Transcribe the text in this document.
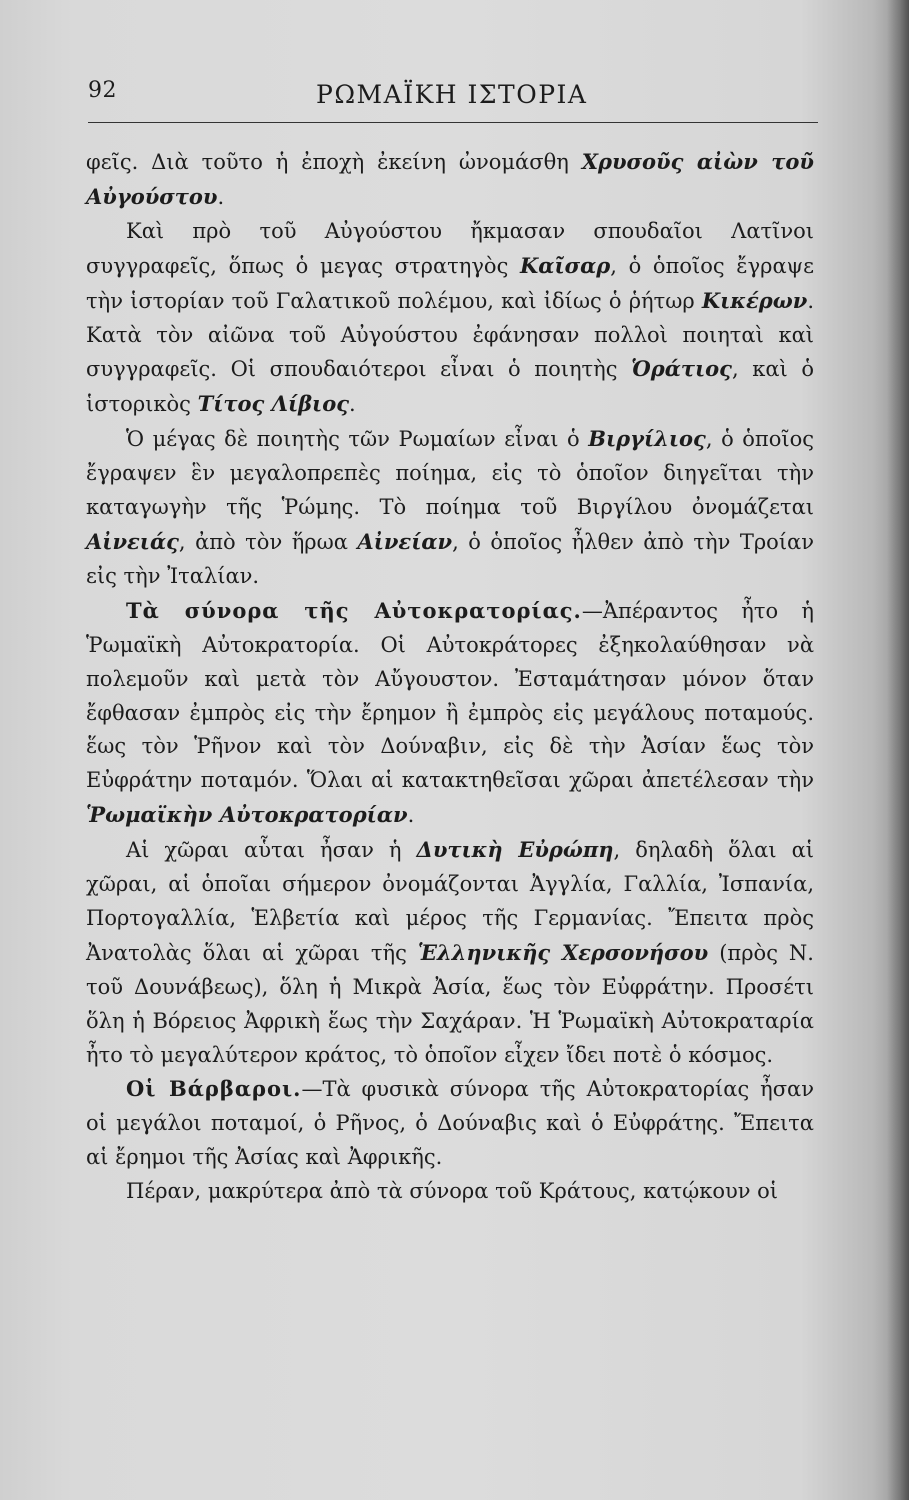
92	ΡΩΜΑΪΚΗ ΙΣΤΟΡΙΑ

φεῖς. Διὰ τοῦτο ἡ ἐποχὴ ἐκείνη ὠνομάσθη Χρυσοῦς αἰὼν τοῦ Αὐγούστου.

Καὶ πρὸ τοῦ Αὐγούστου ἤκμασαν σπουδαῖοι Λατῖνοι συγγραφεῖς, ὅπως ὁ μεγας στρατηγὸς Καῖσαρ, ὁ ὁποῖος ἔγραψε τὴν ἱστορίαν τοῦ Γαλατικοῦ πολέμου, καὶ ἰδίως ὁ ῥήτωρ Κικέρων. Κατὰ τὸν αἰῶνα τοῦ Αὐγούστου ἐφάνησαν πολλοὶ ποιηταὶ καὶ συγγραφεῖς. Οἱ σπουδαιότεροι εἶναι ὁ ποιητὴς Ὁράτιος, καὶ ὁ ἱστορικὸς Τίτος Λίβιος.

Ὁ μέγας δὲ ποιητὴς τῶν Ρωμαίων εἶναι ὁ Βιργίλιος, ὁ ὁποῖος ἔγραψεν ἓν μεγαλοπρεπὲς ποίημα, εἰς τὸ ὁποῖον διηγεῖται τὴν καταγωγὴν τῆς Ῥώμης. Τὸ ποίημα τοῦ Βιργίλου ὀνομάζεται Αἰνειάς, ἀπὸ τὸν ἥρωα Αἰνείαν, ὁ ὁποῖος ἦλθεν ἀπὸ τὴν Τροίαν εἰς τὴν Ἰταλίαν.

Τὰ σύνορα τῆς Αὐτοκρατορίας.—Ἀπέραντος ἦτο ἡ Ῥωμαϊκὴ Αὐτοκρατορία. Οἱ Αὐτοκράτορες ἐξηκολαύθησαν νὰ πολεμοῦν καὶ μετὰ τὸν Αὔγουστον. Ἐσταμάτησαν μόνον ὅταν ἔφθασαν ἐμπρὸς εἰς τὴν ἔρημον ἢ ἐμπρὸς εἰς μεγάλους ποταμούς. ἕως τὸν Ῥῆνον καὶ τὸν Δούναβιν, εἰς δὲ τὴν Ἀσίαν ἕως τὸν Εὐφράτην ποταμόν. Ὅλαι αἱ κατακτηθεῖσαι χῶραι ἀπετέλεσαν τὴν Ῥωμαϊκὴν Αὐτοκρατορίαν.

Αἱ χῶραι αὗται ἦσαν ἡ Δυτικὴ Εὐρώπη, δηλαδὴ ὅλαι αἱ χῶραι, αἱ ὁποῖαι σήμερον ὀνομάζονται Ἀγγλία, Γαλλία, Ἰσπανία, Πορτογαλλία, Ἑλβετία καὶ μέρος τῆς Γερμανίας. Ἔπειτα πρὸς Ἀνατολὰς ὅλαι αἱ χῶραι τῆς Ἑλληνικῆς Χερσονήσου (πρὸς Ν. τοῦ Δουνάβεως), ὅλη ἡ Μικρὰ Ἀσία, ἕως τὸν Εὐφράτην. Προσέτι ὅλη ἡ Βόρειος Ἀφρικὴ ἕως τὴν Σαχάραν. Ἡ Ῥωμαϊκὴ Αὐτοκραταρία ἦτο τὸ μεγαλύτερον κράτος, τὸ ὁποῖον εἶχεν ἴδει ποτὲ ὁ κόσμος.

Οἱ Βάρβαροι.—Τὰ φυσικὰ σύνορα τῆς Αὐτοκρατορίας ἦσαν οἱ μεγάλοι ποταμοί, ὁ Ρῆνος, ὁ Δούναβις καὶ ὁ Εὐφράτης. Ἔπειτα αἱ ἔρημοι τῆς Ἀσίας καὶ Ἀφρικῆς.

Πέραν, μακρύτερα ἀπὸ τὰ σύνορα τοῦ Κράτους, κατῴκουν οἱ
